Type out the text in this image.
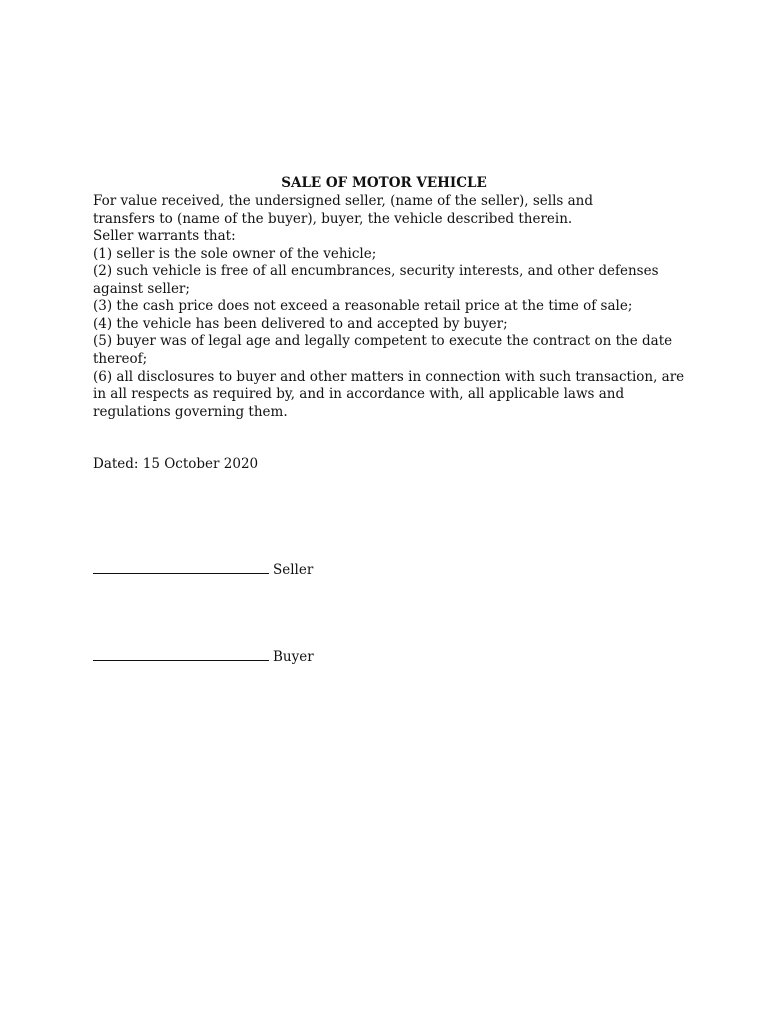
SALE OF MOTOR VEHICLE
For value received, the undersigned seller, (name of the seller), sells and
transfers to (name of the buyer), buyer, the vehicle described therein.
Seller warrants that:
(1) seller is the sole owner of the vehicle;
(2) such vehicle is free of all encumbrances, security interests, and other defenses
against seller;
(3) the cash price does not exceed a reasonable retail price at the time of sale;
(4) the vehicle has been delivered to and accepted by buyer;
(5) buyer was of legal age and legally competent to execute the contract on the date
thereof;
(6) all disclosures to buyer and other matters in connection with such transaction, are
in all respects as required by, and in accordance with, all applicable laws and
regulations governing them.
Dated: 15 October 2020
Seller
Buyer
